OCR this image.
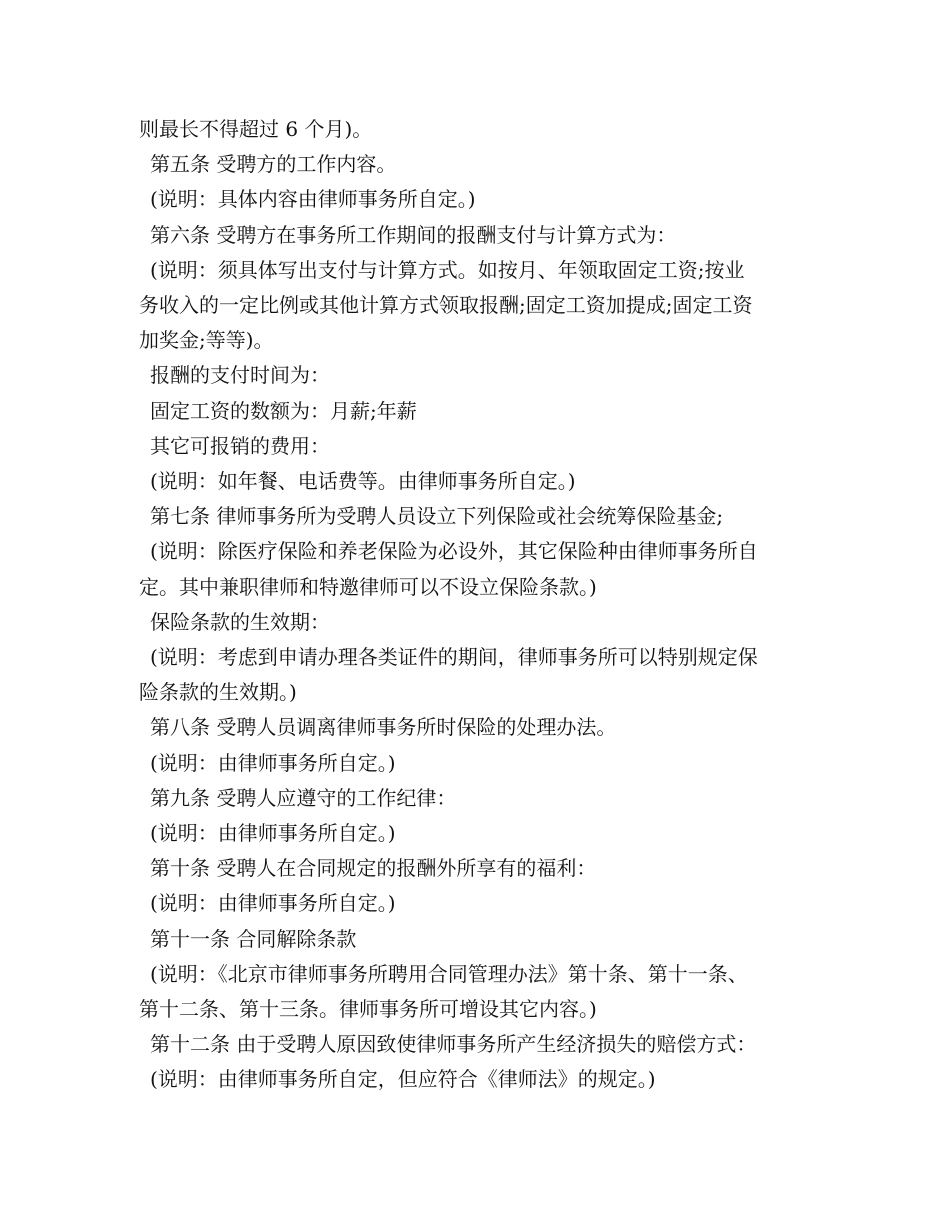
则最长不得超过 6 个月)。

第五条 受聘方的工作内容。

(说明：具体内容由律师事务所自定。)

第六条 受聘方在事务所工作期间的报酬支付与计算方式为：

(说明：须具体写出支付与计算方式。如按月、年领取固定工资;按业

务收入的一定比例或其他计算方式领取报酬;固定工资加提成;固定工资

加奖金;等等)。

报酬的支付时间为：

固定工资的数额为：月薪;年薪

其它可报销的费用：

(说明：如年餐、电话费等。由律师事务所自定。)

第七条 律师事务所为受聘人员设立下列保险或社会统筹保险基金;

(说明：除医疗保险和养老保险为必设外，其它保险种由律师事务所自

定。其中兼职律师和特邀律师可以不设立保险条款。)

保险条款的生效期：

(说明：考虑到申请办理各类证件的期间，律师事务所可以特别规定保

险条款的生效期。)

第八条 受聘人员调离律师事务所时保险的处理办法。

(说明：由律师事务所自定。)

第九条 受聘人应遵守的工作纪律：

(说明：由律师事务所自定。)

第十条 受聘人在合同规定的报酬外所享有的福利：

(说明：由律师事务所自定。)

第十一条 合同解除条款

(说明：《北京市律师事务所聘用合同管理办法》第十条、第十一条、

第十二条、第十三条。律师事务所可增设其它内容。)

第十二条 由于受聘人原因致使律师事务所产生经济损失的赔偿方式：

(说明：由律师事务所自定，但应符合《律师法》的规定。)
